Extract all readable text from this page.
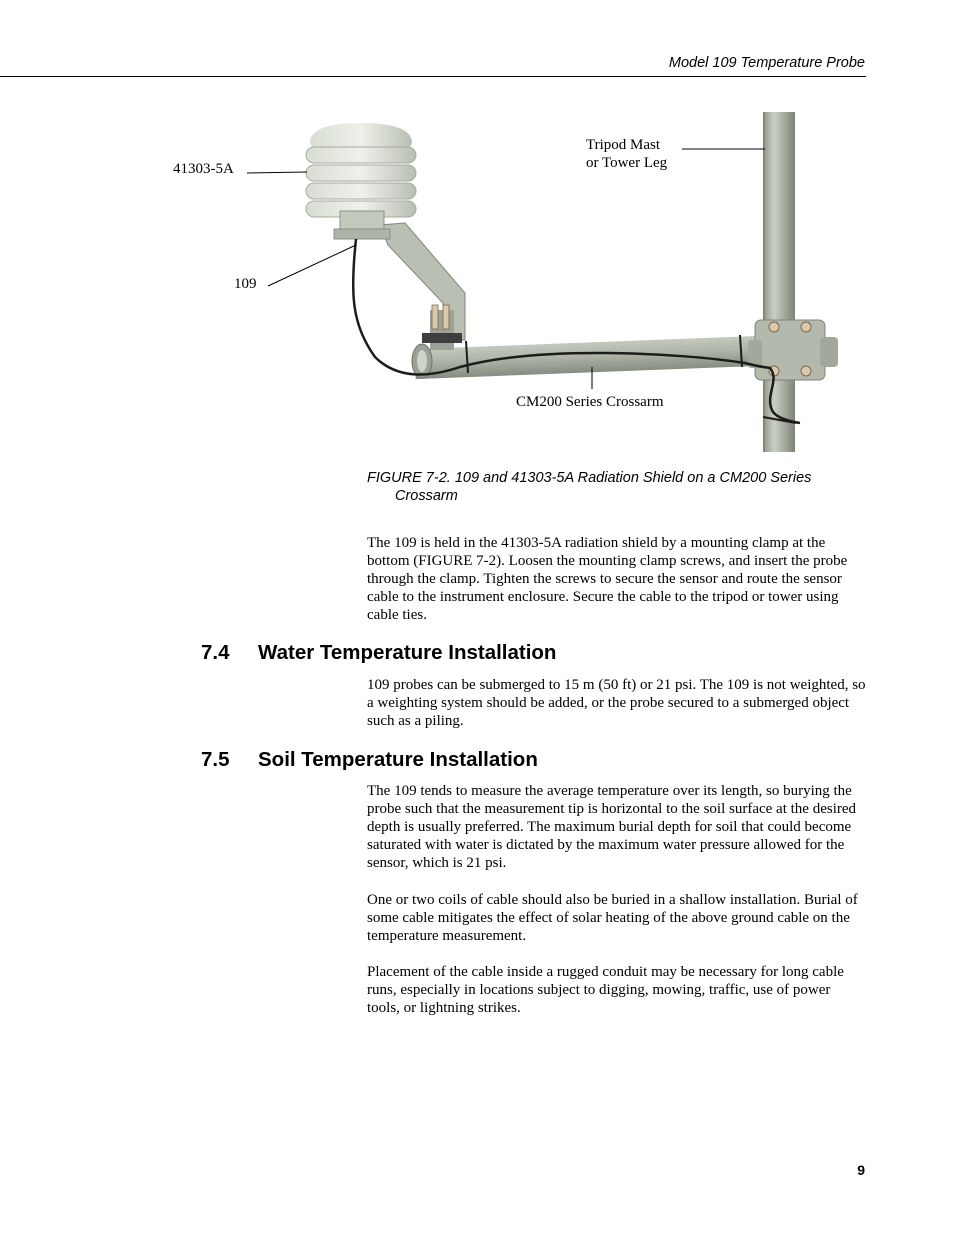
Model 109 Temperature Probe
41303-5A
109
Tripod Mast
or Tower Leg
CM200 Series Crossarm
FIGURE 7-2. 109 and 41303-5A Radiation Shield on a CM200 Series
Crossarm
The 109 is held in the 41303-5A radiation shield by a mounting clamp at the bottom (FIGURE 7-2). Loosen the mounting clamp screws, and insert the probe through the clamp. Tighten the screws to secure the sensor and route the sensor cable to the instrument enclosure. Secure the cable to the tripod or tower using cable ties.
7.4 Water Temperature Installation
109 probes can be submerged to 15 m (50 ft) or 21 psi. The 109 is not weighted, so a weighting system should be added, or the probe secured to a submerged object such as a piling.
7.5 Soil Temperature Installation
The 109 tends to measure the average temperature over its length, so burying the probe such that the measurement tip is horizontal to the soil surface at the desired depth is usually preferred. The maximum burial depth for soil that could become saturated with water is dictated by the maximum water pressure allowed for the sensor, which is 21 psi.
One or two coils of cable should also be buried in a shallow installation. Burial of some cable mitigates the effect of solar heating of the above ground cable on the temperature measurement.
Placement of the cable inside a rugged conduit may be necessary for long cable runs, especially in locations subject to digging, mowing, traffic, use of power tools, or lightning strikes.
9
